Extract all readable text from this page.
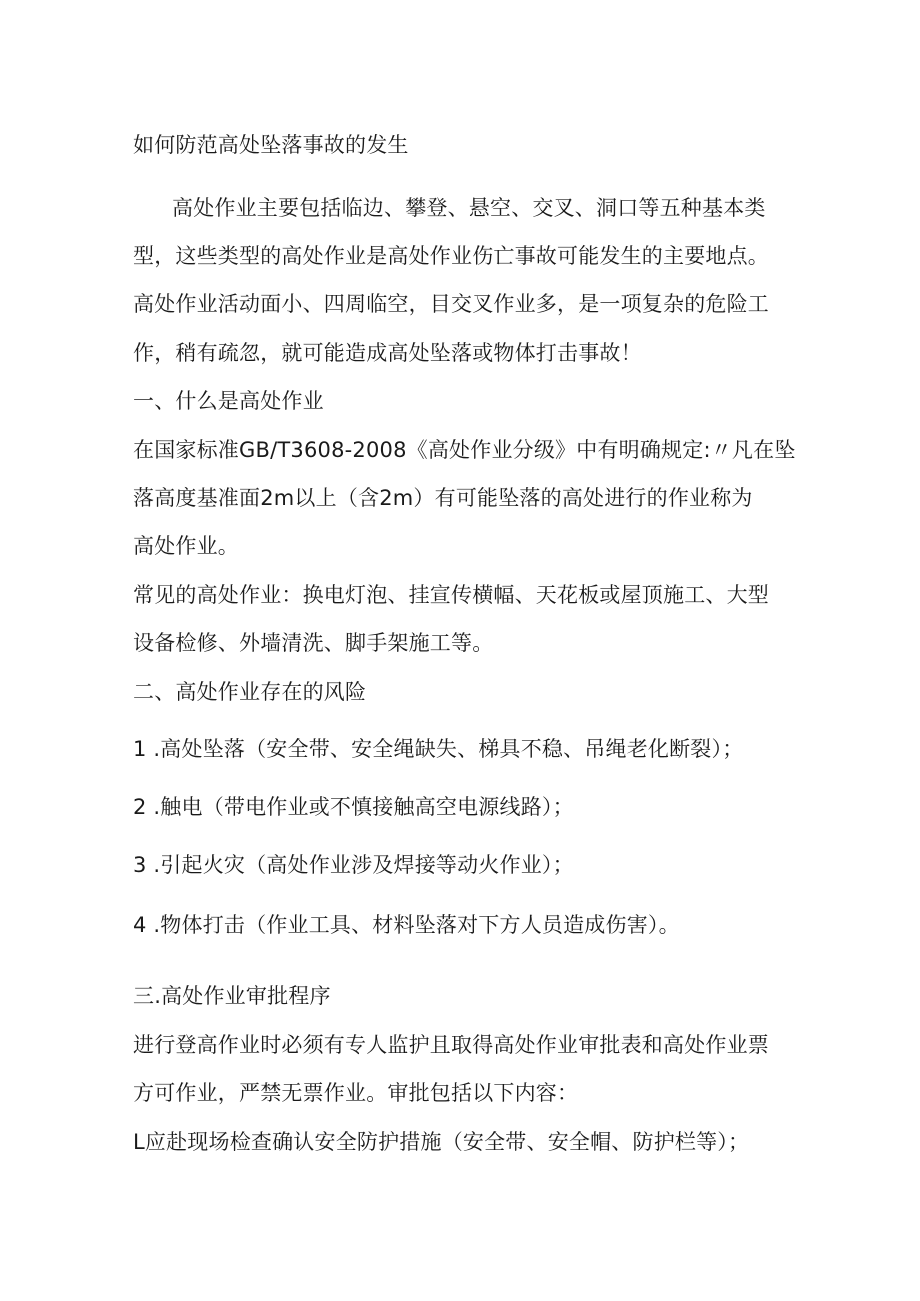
如何防范高处坠落事故的发生
高处作业主要包括临边、攀登、悬空、交叉、洞口等五种基本类
型，这些类型的高处作业是高处作业伤亡事故可能发生的主要地点。
高处作业活动面小、四周临空，目交叉作业多，是一项复杂的危险工
作，稍有疏忽，就可能造成高处坠落或物体打击事故！
一、什么是高处作业
在国家标准GB/T3608-2008《高处作业分级》中有明确规定:〃凡在坠
落高度基准面2m以上（含2m）有可能坠落的高处进行的作业称为
高处作业。
常见的高处作业：换电灯泡、挂宣传横幅、天花板或屋顶施工、大型
设备检修、外墙清洗、脚手架施工等。
二、高处作业存在的风险
1 .高处坠落（安全带、安全绳缺失、梯具不稳、吊绳老化断裂）；
2 .触电（带电作业或不慎接触高空电源线路）；
3 .引起火灾（高处作业涉及焊接等动火作业）；
4 .物体打击（作业工具、材料坠落对下方人员造成伤害）。
三.高处作业审批程序
进行登高作业时必须有专人监护且取得高处作业审批表和高处作业票
方可作业，严禁无票作业。审批包括以下内容：
L应赴现场检查确认安全防护措施（安全带、安全帽、防护栏等）；
